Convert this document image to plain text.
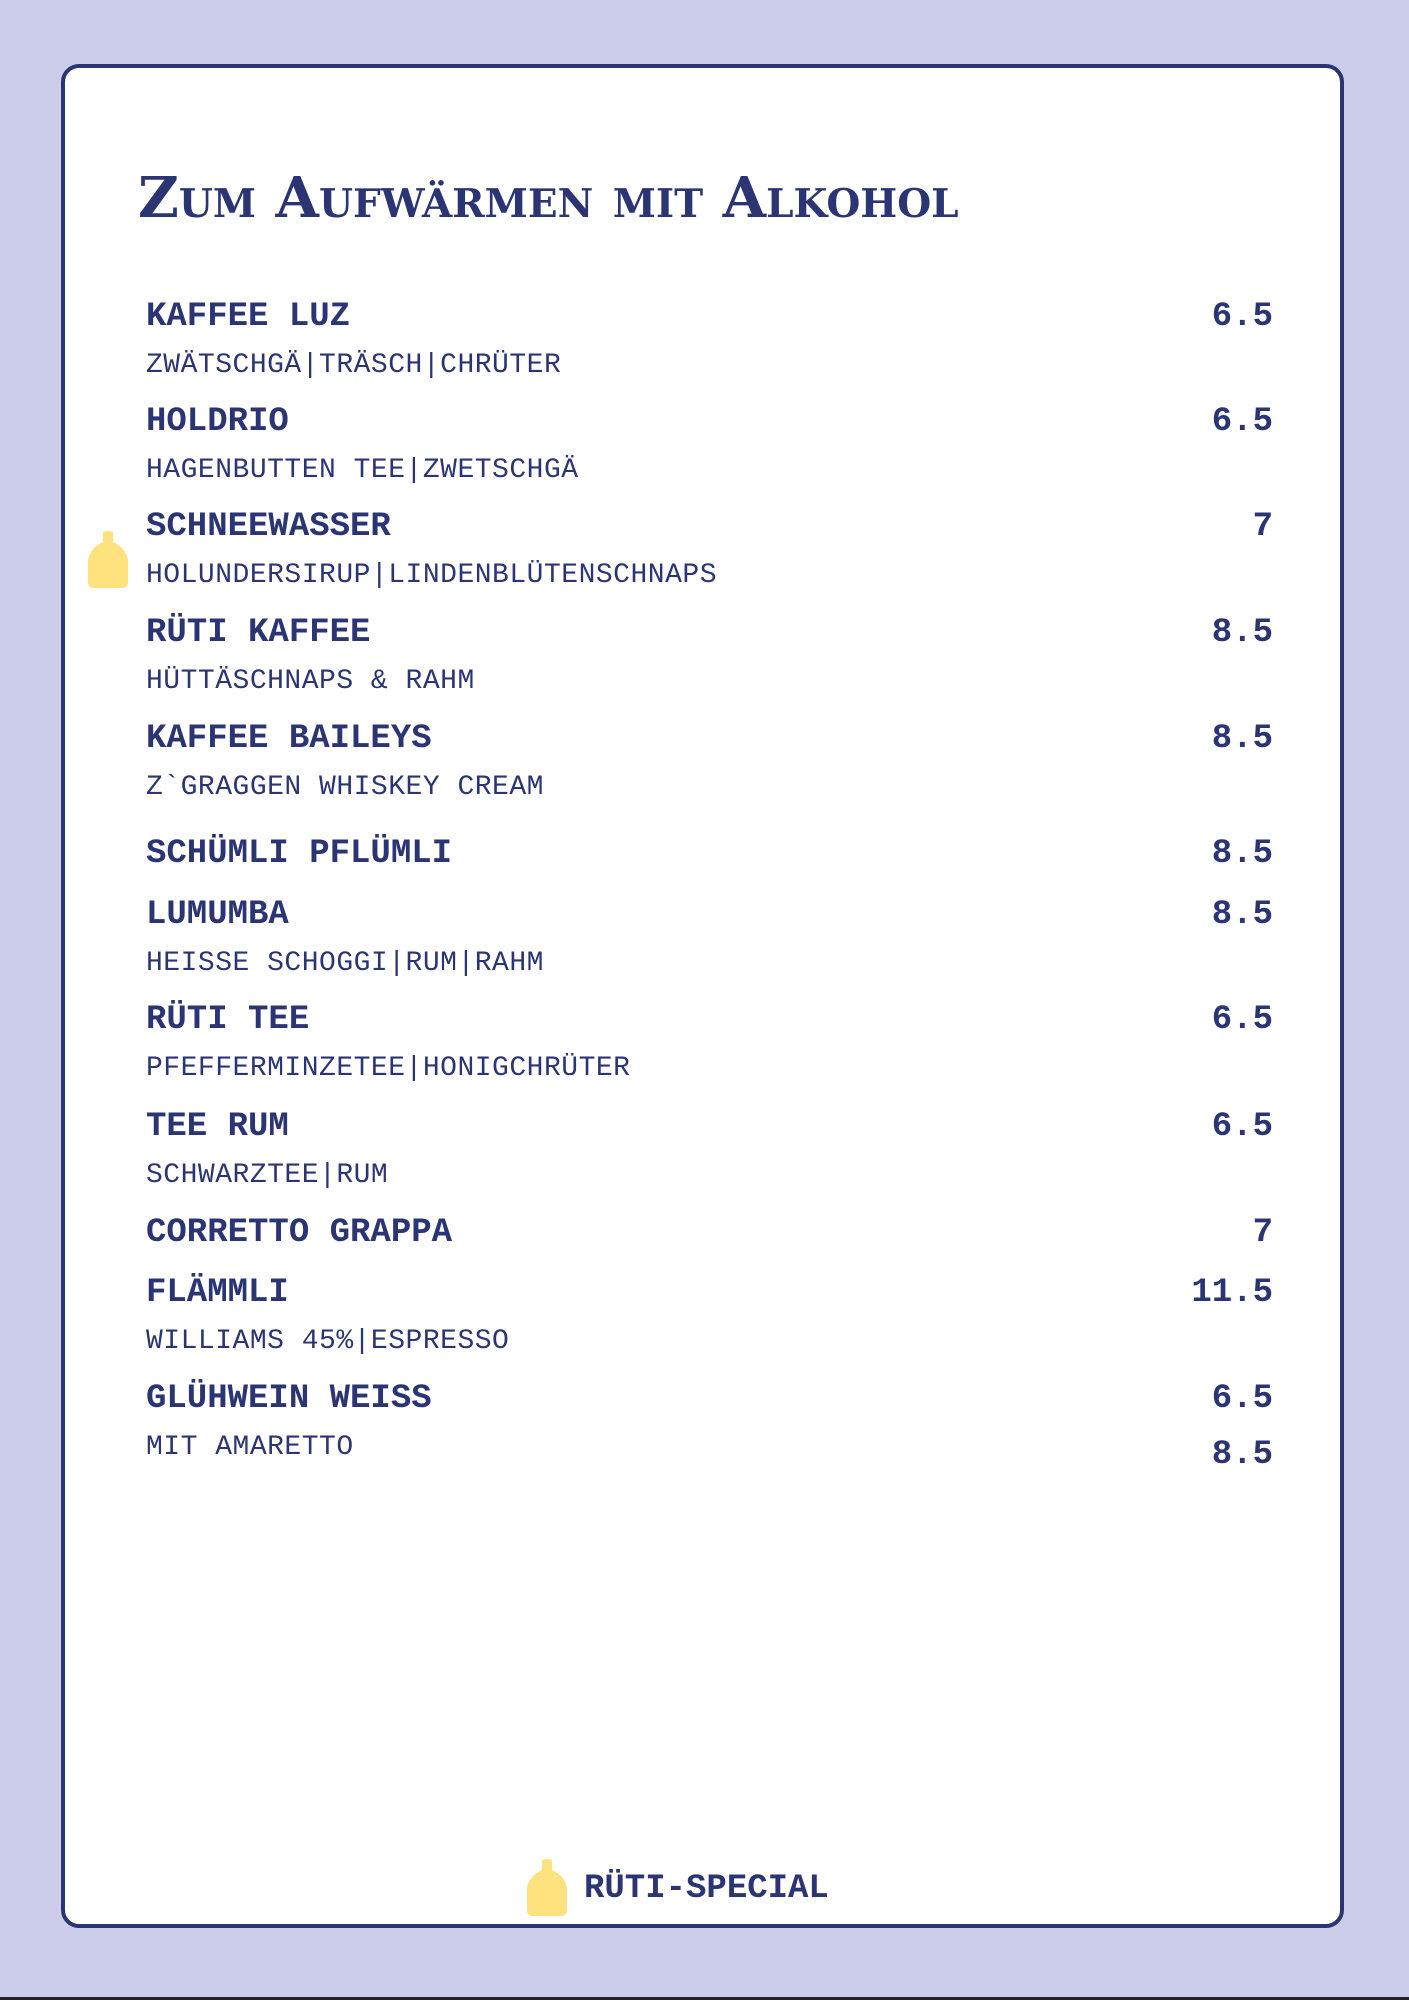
Zum Aufwärmen mit Alkohol
KAFFEE LUZ	6.5
ZWÄTSCHGÄ|TRÄSCH|CHRÜTER
HOLDRIO	6.5
HAGENBUTTEN TEE|ZWETSCHGÄ
SCHNEEWASSER	7
HOLUNDERSIRUP|LINDENBLÜTENSCHNAPS
RÜTI KAFFEE	8.5
HÜTTÄSCHNAPS & RAHM
KAFFEE BAILEYS	8.5
Z`GRAGGEN WHISKEY CREAM
SCHÜMLI PFLÜMLI	8.5
LUMUMBA	8.5
HEISSE SCHOGGI|RUM|RAHM
RÜTI TEE	6.5
PFEFFERMINZETEE|HONIGCHRÜTER
TEE RUM	6.5
SCHWARZTEE|RUM
CORRETTO GRAPPA	7
FLÄMMLI	11.5
WILLIAMS 45%|ESPRESSO
GLÜHWEIN WEISS	6.5
MIT AMARETTO	8.5
RÜTI-SPECIAL
